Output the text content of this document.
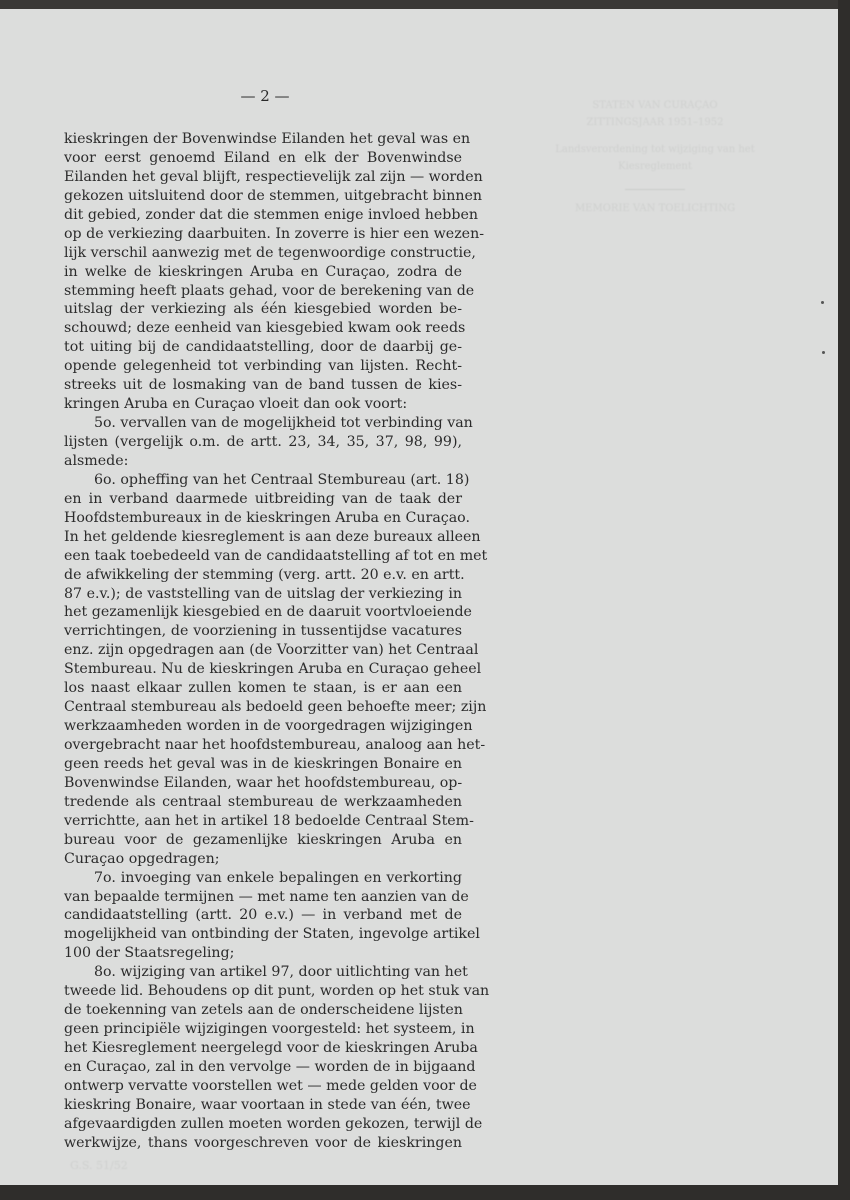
STATEN VAN CURAÇAO
ZITTINGSJAAR 1951–1952
Landsverordening tot wijziging van het
Kiesreglement
MEMORIE VAN TOELICHTING
G.S. 51/52
— 2 —
kieskringen der Bovenwindse Eilanden het geval was en
voor eerst genoemd Eiland en elk der Bovenwindse
Eilanden het geval blijft, respectievelijk zal zijn — worden
gekozen uitsluitend door de stemmen, uitgebracht binnen
dit gebied, zonder dat die stemmen enige invloed hebben
op de verkiezing daarbuiten. In zoverre is hier een wezen-
lijk verschil aanwezig met de tegenwoordige constructie,
in welke de kieskringen Aruba en Curaçao, zodra de
stemming heeft plaats gehad, voor de berekening van de
uitslag der verkiezing als één kiesgebied worden be-
schouwd; deze eenheid van kiesgebied kwam ook reeds
tot uiting bij de candidaatstelling, door de daarbij ge-
opende gelegenheid tot verbinding van lijsten. Recht-
streeks uit de losmaking van de band tussen de kies-
kringen Aruba en Curaçao vloeit dan ook voort:
5o. vervallen van de mogelijkheid tot verbinding van
lijsten (vergelijk o.m. de artt. 23, 34, 35, 37, 98, 99),
alsmede:
6o. opheffing van het Centraal Stembureau (art. 18)
en in verband daarmede uitbreiding van de taak der
Hoofdstembureaux in de kieskringen Aruba en Curaçao.
In het geldende kiesreglement is aan deze bureaux alleen
een taak toebedeeld van de candidaatstelling af tot en met
de afwikkeling der stemming (verg. artt. 20 e.v. en artt.
87 e.v.); de vaststelling van de uitslag der verkiezing in
het gezamenlijk kiesgebied en de daaruit voortvloeiende
verrichtingen, de voorziening in tussentijdse vacatures
enz. zijn opgedragen aan (de Voorzitter van) het Centraal
Stembureau. Nu de kieskringen Aruba en Curaçao geheel
los naast elkaar zullen komen te staan, is er aan een
Centraal stembureau als bedoeld geen behoefte meer; zijn
werkzaamheden worden in de voorgedragen wijzigingen
overgebracht naar het hoofdstembureau, analoog aan het-
geen reeds het geval was in de kieskringen Bonaire en
Bovenwindse Eilanden, waar het hoofdstembureau, op-
tredende als centraal stembureau de werkzaamheden
verrichtte, aan het in artikel 18 bedoelde Centraal Stem-
bureau voor de gezamenlijke kieskringen Aruba en
Curaçao opgedragen;
7o. invoeging van enkele bepalingen en verkorting
van bepaalde termijnen — met name ten aanzien van de
candidaatstelling (artt. 20 e.v.) — in verband met de
mogelijkheid van ontbinding der Staten, ingevolge artikel
100 der Staatsregeling;
8o. wijziging van artikel 97, door uitlichting van het
tweede lid. Behoudens op dit punt, worden op het stuk van
de toekenning van zetels aan de onderscheidene lijsten
geen principiële wijzigingen voorgesteld: het systeem, in
het Kiesreglement neergelegd voor de kieskringen Aruba
en Curaçao, zal in den vervolge — worden de in bijgaand
ontwerp vervatte voorstellen wet — mede gelden voor de
kieskring Bonaire, waar voortaan in stede van één, twee
afgevaardigden zullen moeten worden gekozen, terwijl de
werkwijze, thans voorgeschreven voor de kieskringen
